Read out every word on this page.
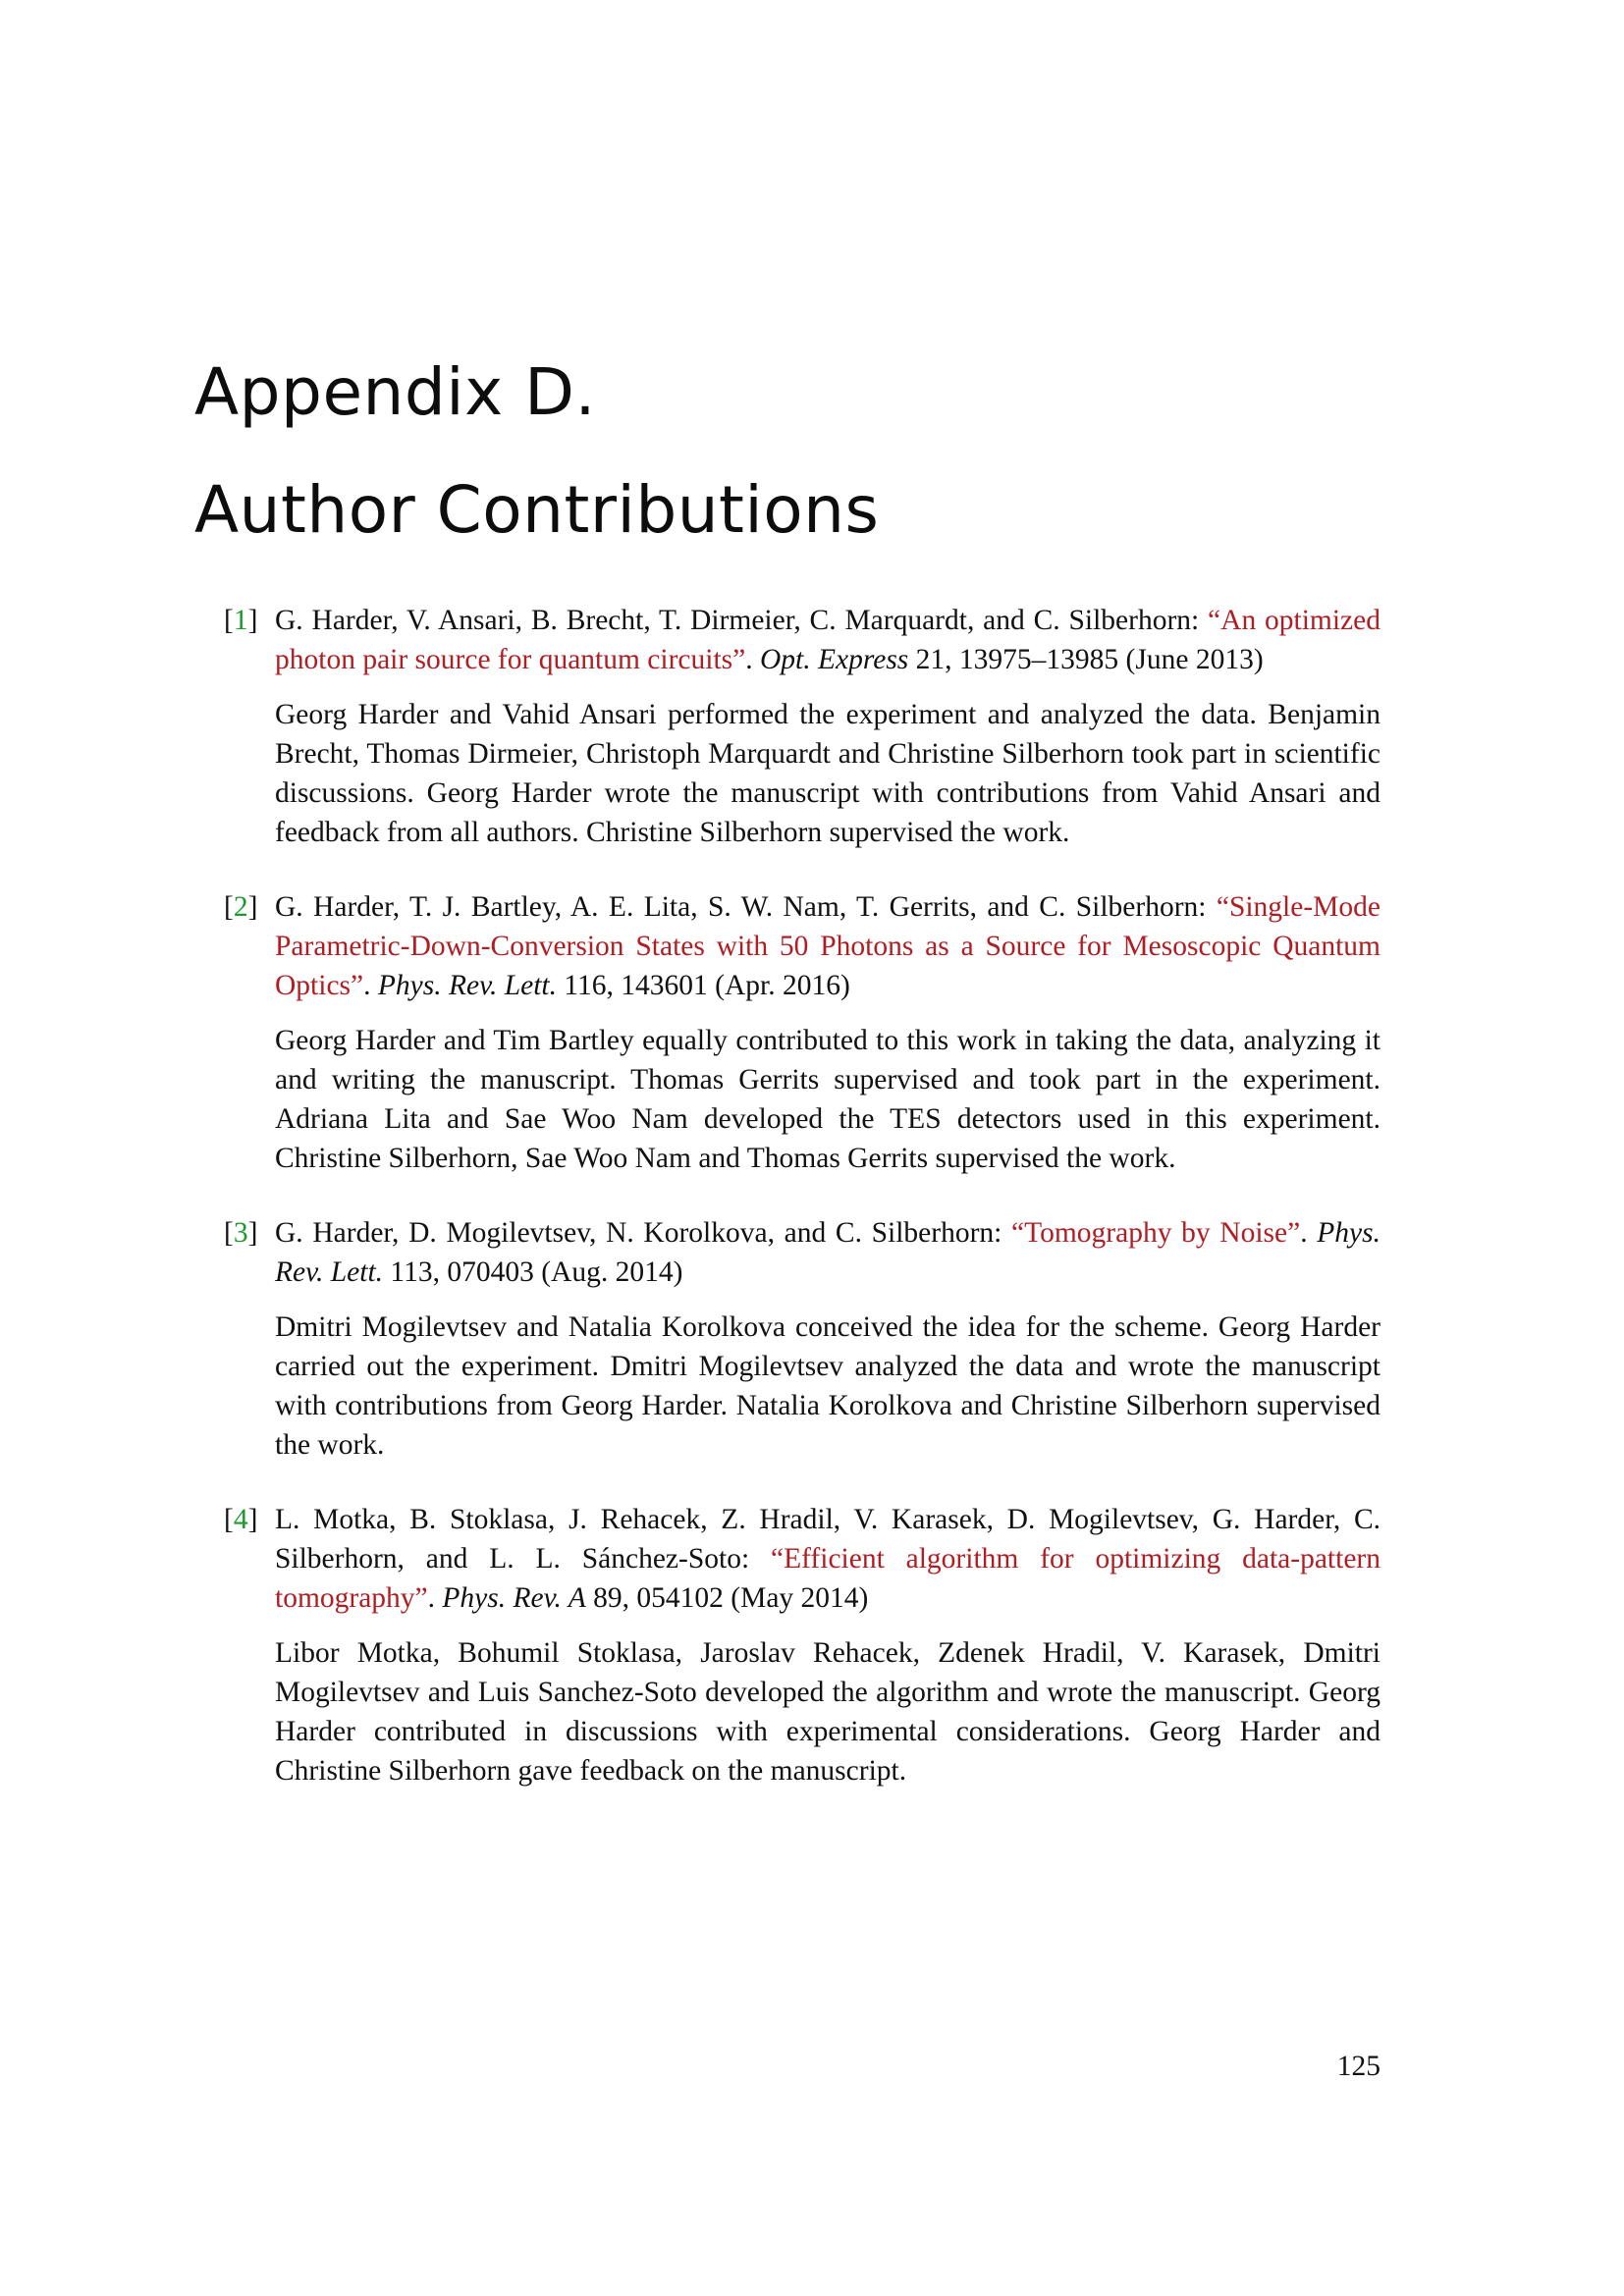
Appendix D.
Author Contributions
[1] G. Harder, V. Ansari, B. Brecht, T. Dirmeier, C. Marquardt, and C. Silberhorn: “An optimized photon pair source for quantum circuits”. Opt. Express 21, 13975–13985 (June 2013)

Georg Harder and Vahid Ansari performed the experiment and analyzed the data. Benjamin Brecht, Thomas Dirmeier, Christoph Marquardt and Christine Silberhorn took part in scientific discussions. Georg Harder wrote the manuscript with contributions from Vahid Ansari and feedback from all authors. Christine Silberhorn supervised the work.

[2] G. Harder, T. J. Bartley, A. E. Lita, S. W. Nam, T. Gerrits, and C. Silberhorn: “Single-Mode Parametric-Down-Conversion States with 50 Photons as a Source for Mesoscopic Quantum Optics”. Phys. Rev. Lett. 116, 143601 (Apr. 2016)

Georg Harder and Tim Bartley equally contributed to this work in taking the data, analyzing it and writing the manuscript. Thomas Gerrits supervised and took part in the experiment. Adriana Lita and Sae Woo Nam developed the TES detectors used in this experiment. Christine Silberhorn, Sae Woo Nam and Thomas Gerrits supervised the work.

[3] G. Harder, D. Mogilevtsev, N. Korolkova, and C. Silberhorn: “Tomography by Noise”. Phys. Rev. Lett. 113, 070403 (Aug. 2014)

Dmitri Mogilevtsev and Natalia Korolkova conceived the idea for the scheme. Georg Harder carried out the experiment. Dmitri Mogilevtsev analyzed the data and wrote the manuscript with contributions from Georg Harder. Natalia Korolkova and Christine Silberhorn supervised the work.

[4] L. Motka, B. Stoklasa, J. Rehacek, Z. Hradil, V. Karasek, D. Mogilevtsev, G. Harder, C. Silberhorn, and L. L. Sánchez-Soto: “Efficient algorithm for optimizing data-pattern tomography”. Phys. Rev. A 89, 054102 (May 2014)

Libor Motka, Bohumil Stoklasa, Jaroslav Rehacek, Zdenek Hradil, V. Karasek, Dmitri Mogilevtsev and Luis Sanchez-Soto developed the algorithm and wrote the manuscript. Georg Harder contributed in discussions with experimental considerations. Georg Harder and Christine Silberhorn gave feedback on the manuscript.

125
